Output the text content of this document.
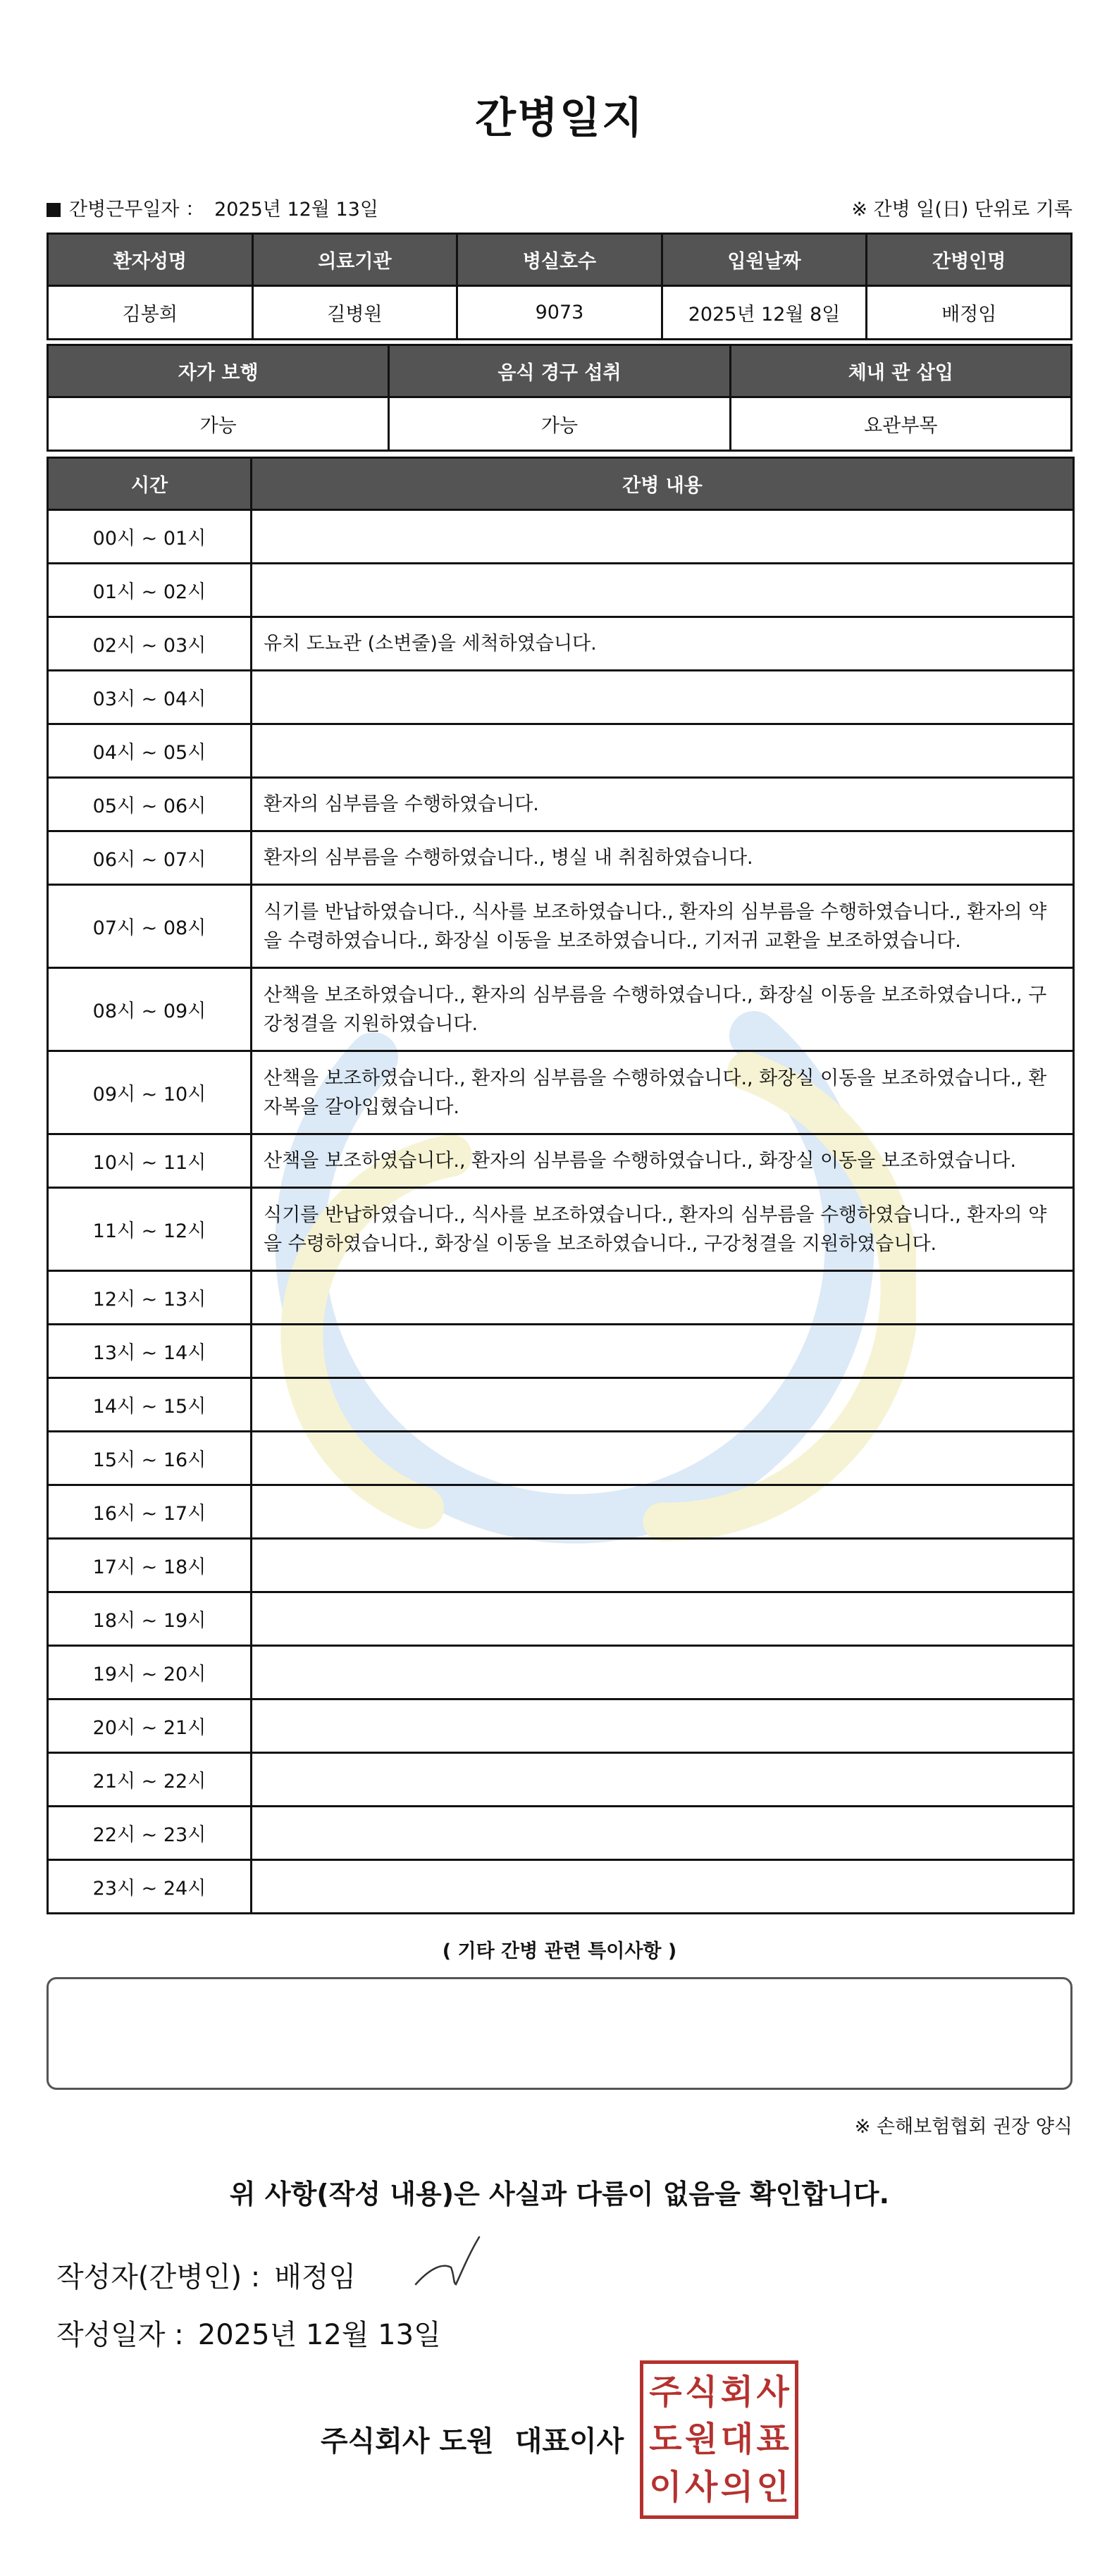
간병일지
간병근무일자 ： 2025년 12월 13일	※ 간병 일(日) 단위로 기록
환자성명	의료기관	병실호수	입원날짜	간병인명
김봉희	길병원	9073	2025년 12월 8일	배정임
자가 보행	음식 경구 섭취	체내 관 삽입
가능	가능	요관부목
시간	간병 내용
00시 ~ 01시	
01시 ~ 02시	
02시 ~ 03시	유치 도뇨관 (소변줄)을 세척하였습니다.
03시 ~ 04시	
04시 ~ 05시	
05시 ~ 06시	환자의 심부름을 수행하였습니다.
06시 ~ 07시	환자의 심부름을 수행하였습니다., 병실 내 취침하였습니다.
07시 ~ 08시	식기를 반납하였습니다., 식사를 보조하였습니다., 환자의 심부름을 수행하였습니다., 환자의 약을 수령하였습니다., 화장실 이동을 보조하였습니다., 기저귀 교환을 보조하였습니다.
08시 ~ 09시	산책을 보조하였습니다., 환자의 심부름을 수행하였습니다., 화장실 이동을 보조하였습니다., 구강청결을 지원하였습니다.
09시 ~ 10시	산책을 보조하였습니다., 환자의 심부름을 수행하였습니다., 화장실 이동을 보조하였습니다., 환자복을 갈아입혔습니다.
10시 ~ 11시	산책을 보조하였습니다., 환자의 심부름을 수행하였습니다., 화장실 이동을 보조하였습니다.
11시 ~ 12시	식기를 반납하였습니다., 식사를 보조하였습니다., 환자의 심부름을 수행하였습니다., 환자의 약을 수령하였습니다., 화장실 이동을 보조하였습니다., 구강청결을 지원하였습니다.
12시 ~ 13시	
13시 ~ 14시	
14시 ~ 15시	
15시 ~ 16시	
16시 ~ 17시	
17시 ~ 18시	
18시 ~ 19시	
19시 ~ 20시	
20시 ~ 21시	
21시 ~ 22시	
22시 ~ 23시	
23시 ~ 24시	
( 기타 간병 관련 특이사항 )
※ 손해보험협회 권장 양식
위 사항(작성 내용)은 사실과 다름이 없음을 확인합니다.
작성자(간병인) : 배정임
작성일자 : 2025년 12월 13일
주식회사 도원 대표이사
주 식 회 사
도 원 대 표
이 사 의 인
